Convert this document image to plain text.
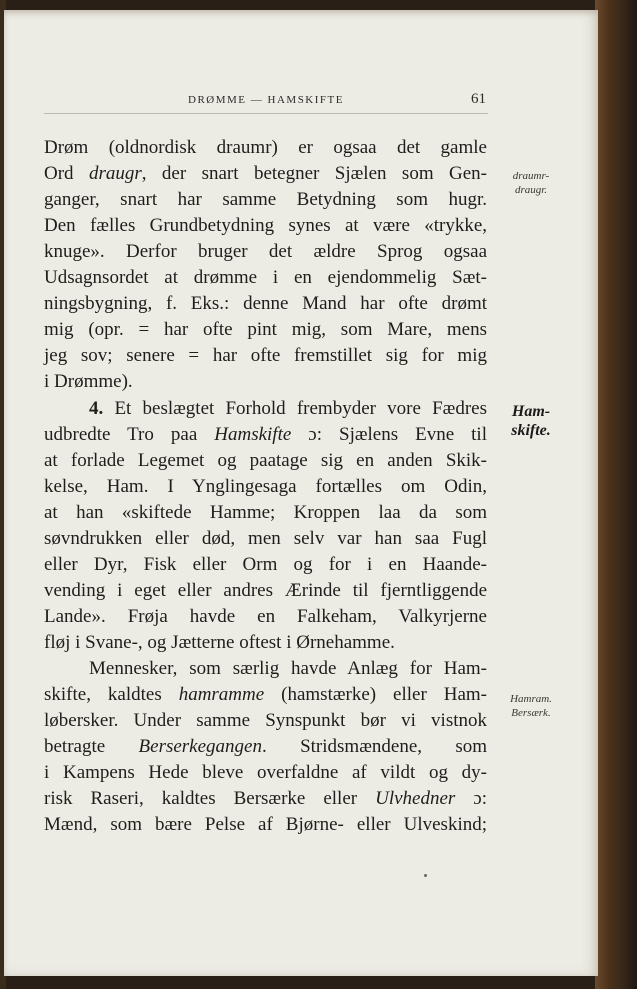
DRØMME — HAMSKIFTE	61
Drøm (oldnordisk draumr) er ogsaa det gamle
Ord draugr, der snart betegner Sjælen som Gen-
ganger, snart har samme Betydning som hugr.
Den fælles Grundbetydning synes at være «trykke,
knuge». Derfor bruger det ældre Sprog ogsaa
Udsagnsordet at drømme i en ejendommelig Sæt-
ningsbygning, f. Eks.: denne Mand har ofte drømt
mig (opr. = har ofte pint mig, som Mare, mens
jeg sov; senere = har ofte fremstillet sig for mig
i Drømme).
4. Et beslægtet Forhold frembyder vore Fædres
udbredte Tro paa Hamskifte ɔ: Sjælens Evne til
at forlade Legemet og paatage sig en anden Skik-
kelse, Ham. I Ynglingesaga fortælles om Odin,
at han «skiftede Hamme; Kroppen laa da som
søvndrukken eller død, men selv var han saa Fugl
eller Dyr, Fisk eller Orm og for i en Haande-
vending i eget eller andres Ærinde til fjerntliggende
Lande». Frøja havde en Falkeham, Valkyrjerne
fløj i Svane-, og Jætterne oftest i Ørnehamme.
Mennesker, som særlig havde Anlæg for Ham-
skifte, kaldtes hamramme (hamstærke) eller Ham-
løbersker. Under samme Synspunkt bør vi vistnok
betragte Berserkegangen. Stridsmændene, som
i Kampens Hede bleve overfaldne af vildt og dy-
risk Raseri, kaldtes Bersærke eller Ulvhedner ɔ:
Mænd, som bære Pelse af Bjørne- eller Ulveskind;
draumr-
draugr.
Ham-
skifte.
Hamram.
Bersærk.
